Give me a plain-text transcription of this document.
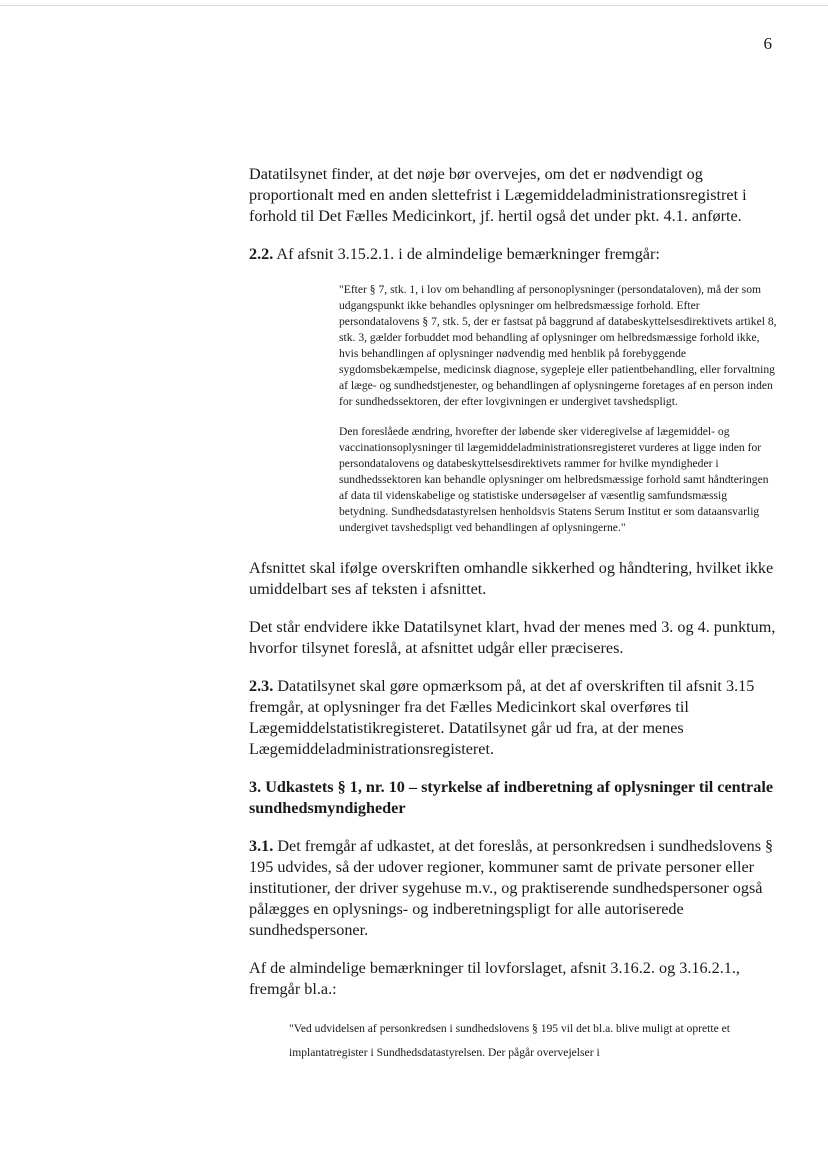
6

Datatilsynet finder, at det nøje bør overvejes, om det er nødvendigt og proportionalt med en anden slettefrist i Lægemiddeladministrationsregistret i forhold til Det Fælles Medicinkort, jf. hertil også det under pkt. 4.1. anførte.

2.2. Af afsnit 3.15.2.1. i de almindelige bemærkninger fremgår:

"Efter § 7, stk. 1, i lov om behandling af personoplysninger (persondataloven), må der som udgangspunkt ikke behandles oplysninger om helbredsmæssige forhold. Efter persondatalovens § 7, stk. 5, der er fastsat på baggrund af databeskyttelsesdirektivets artikel 8, stk. 3, gælder forbuddet mod behandling af oplysninger om helbredsmæssige forhold ikke, hvis behandlingen af oplysninger nødvendig med henblik på forebyggende sygdomsbekæmpelse, medicinsk diagnose, sygepleje eller patientbehandling, eller forvaltning af læge- og sundhedstjenester, og behandlingen af oplysningerne foretages af en person inden for sundhedssektoren, der efter lovgivningen er undergivet tavshedspligt.

Den foreslåede ændring, hvorefter der løbende sker videregivelse af lægemiddel- og vaccinationsoplysninger til lægemiddeladministrationsregisteret vurderes at ligge inden for persondatalovens og databeskyttelsesdirektivets rammer for hvilke myndigheder i sundhedssektoren kan behandle oplysninger om helbredsmæssige forhold samt håndteringen af data til videnskabelige og statistiske undersøgelser af væsentlig samfundsmæssig betydning. Sundhedsdatastyrelsen henholdsvis Statens Serum Institut er som dataansvarlig undergivet tavshedspligt ved behandlingen af oplysningerne."

Afsnittet skal ifølge overskriften omhandle sikkerhed og håndtering, hvilket ikke umiddelbart ses af teksten i afsnittet.

Det står endvidere ikke Datatilsynet klart, hvad der menes med 3. og 4. punktum, hvorfor tilsynet foreslå, at afsnittet udgår eller præciseres.

2.3. Datatilsynet skal gøre opmærksom på, at det af overskriften til afsnit 3.15 fremgår, at oplysninger fra det Fælles Medicinkort skal overføres til Lægemiddelstatistikregisteret. Datatilsynet går ud fra, at der menes Lægemiddeladministrationsregisteret.

3. Udkastets § 1, nr. 10 – styrkelse af indberetning af oplysninger til centrale sundhedsmyndigheder

3.1. Det fremgår af udkastet, at det foreslås, at personkredsen i sundhedslovens § 195 udvides, så der udover regioner, kommuner samt de private personer eller institutioner, der driver sygehuse m.v., og praktiserende sundhedspersoner også pålægges en oplysnings- og indberetningspligt for alle autoriserede sundhedspersoner.

Af de almindelige bemærkninger til lovforslaget, afsnit 3.16.2. og 3.16.2.1., fremgår bl.a.:

"Ved udvidelsen af personkredsen i sundhedslovens § 195 vil det bl.a. blive muligt at oprette et implantatregister i Sundhedsdatastyrelsen. Der pågår overvejelser i
